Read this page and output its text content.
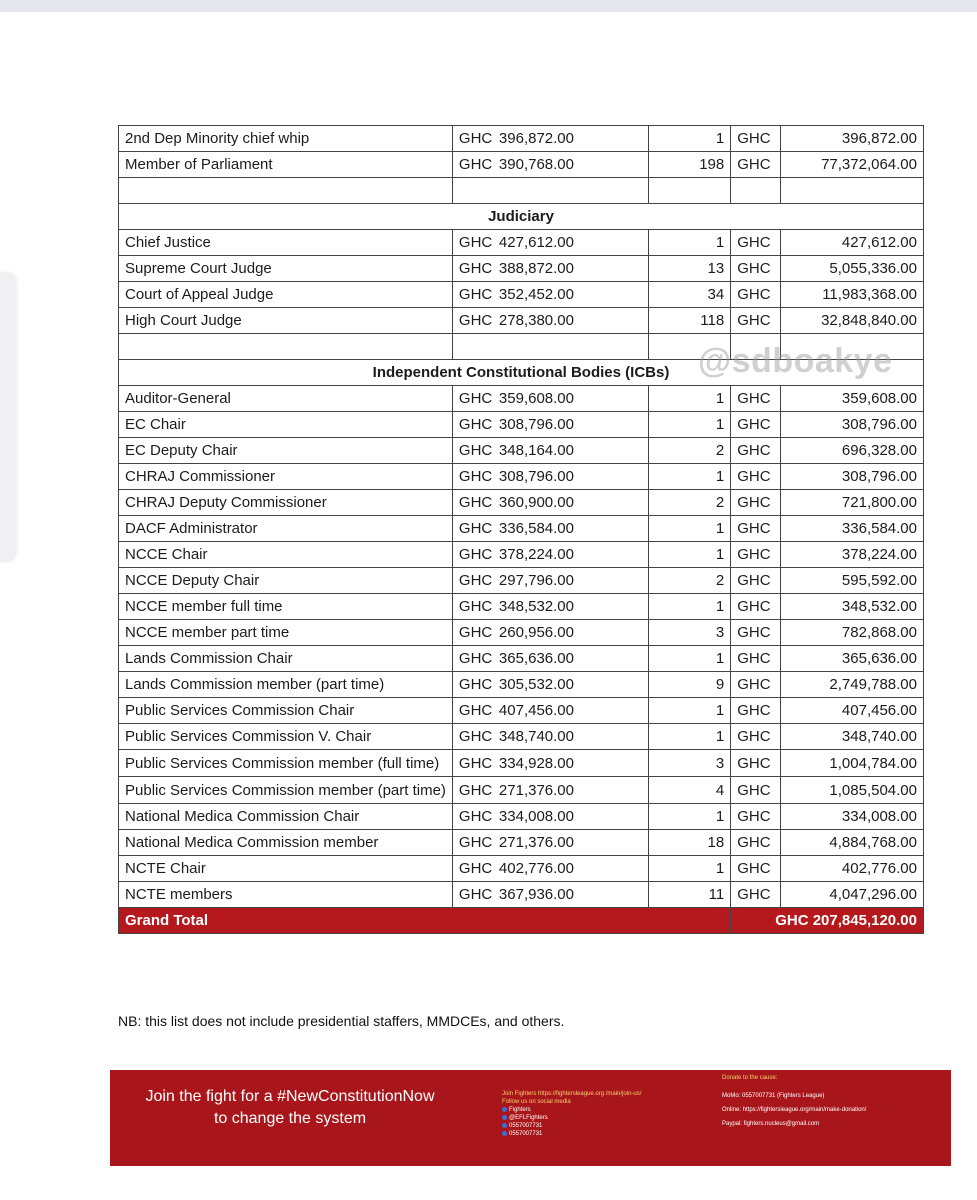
2nd Dep Minority chief whip	GHC 396,872.00	1	GHC	396,872.00
Member of Parliament	GHC 390,768.00	198	GHC	77,372,064.00

Judiciary				
Chief Justice	GHC 427,612.00	1	GHC	427,612.00
Supreme Court Judge	GHC 388,872.00	13	GHC	5,055,336.00
Court of Appeal Judge	GHC 352,452.00	34	GHC	11,983,368.00
High Court Judge	GHC 278,380.00	118	GHC	32,848,840.00

Independent Constitutional Bodies (ICBs)				
Auditor-General	GHC 359,608.00	1	GHC	359,608.00
EC Chair	GHC 308,796.00	1	GHC	308,796.00
EC Deputy Chair	GHC 348,164.00	2	GHC	696,328.00
CHRAJ Commissioner	GHC 308,796.00	1	GHC	308,796.00
CHRAJ Deputy Commissioner	GHC 360,900.00	2	GHC	721,800.00
DACF Administrator	GHC 336,584.00	1	GHC	336,584.00
NCCE Chair	GHC 378,224.00	1	GHC	378,224.00
NCCE Deputy Chair	GHC 297,796.00	2	GHC	595,592.00
NCCE member full time	GHC 348,532.00	1	GHC	348,532.00
NCCE member part time	GHC 260,956.00	3	GHC	782,868.00
Lands Commission Chair	GHC 365,636.00	1	GHC	365,636.00
Lands Commission member (part time)	GHC 305,532.00	9	GHC	2,749,788.00
Public Services Commission Chair	GHC 407,456.00	1	GHC	407,456.00
Public Services Commission V. Chair	GHC 348,740.00	1	GHC	348,740.00
Public Services Commission member (full time)	GHC 334,928.00	3	GHC	1,004,784.00
Public Services Commission member (part time)	GHC 271,376.00	4	GHC	1,085,504.00
National Medica Commission Chair	GHC 334,008.00	1	GHC	334,008.00
National Medica Commission member	GHC 271,376.00	18	GHC	4,884,768.00
NCTE Chair	GHC 402,776.00	1	GHC	402,776.00
NCTE members	GHC 367,936.00	11	GHC	4,047,296.00
Grand Total			GHC 207,845,120.00	
@sdboakye
NB: this list does not include presidential staffers, MMDCEs, and others.
Join the fight for a #NewConstitutionNow
to change the system
Join Fighters https://fightersleague.org /main/join-us/
Follow us on social media
Fighters
@EFLFighters
0557007731
0557007731
Donate to the cause:
MoMo: 0557007731 (Fighters League)
Online: https://fightersleague.org/main/make-donation/
Paypal: fighters.nucleus@gmail.com
